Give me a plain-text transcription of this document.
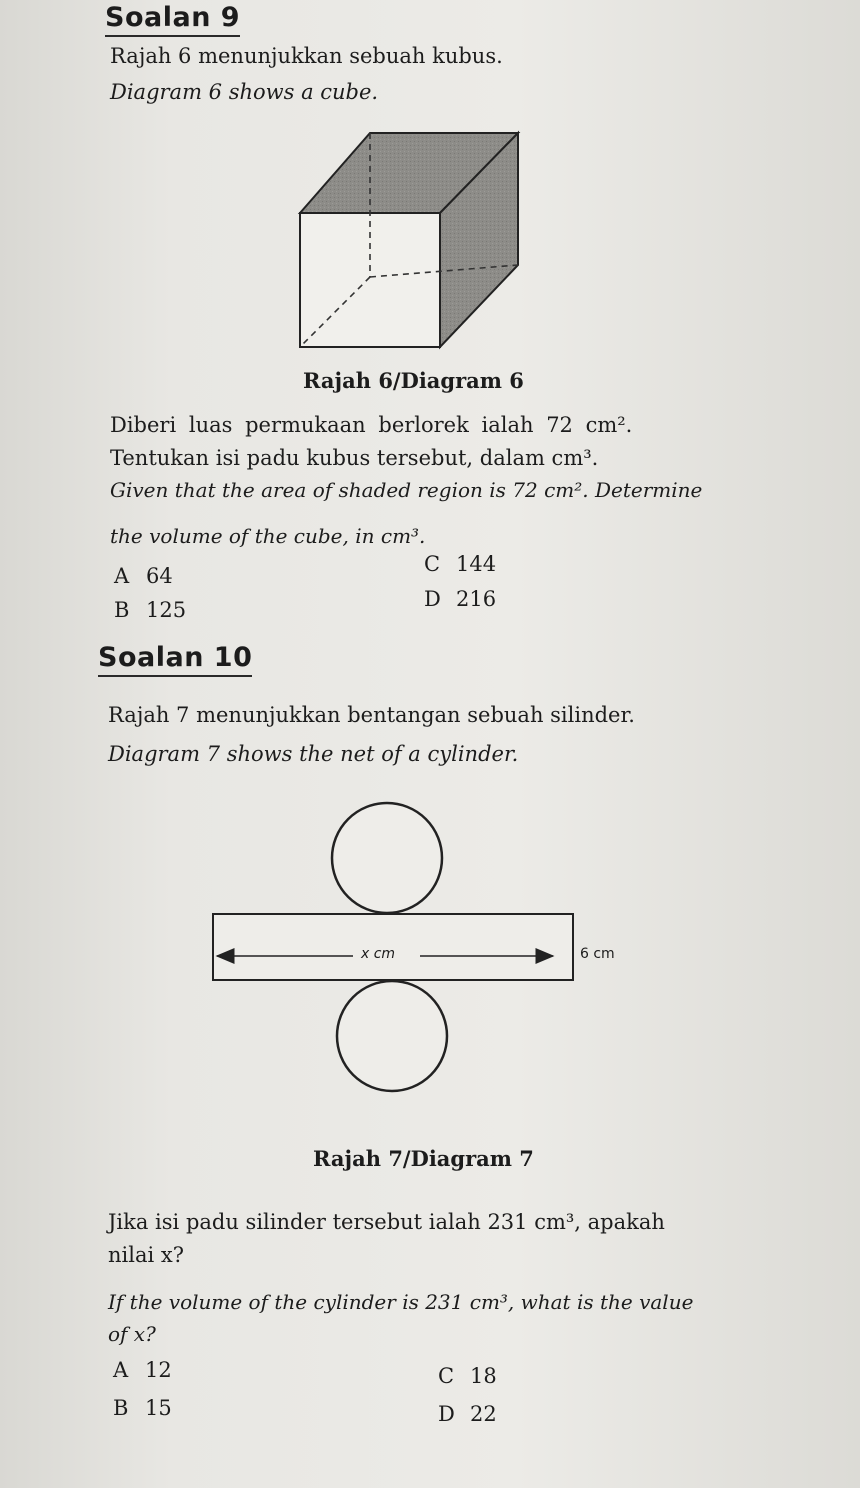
Soalan 9
Rajah 6 menunjukkan sebuah kubus.
Diagram 6 shows a cube.
Rajah 6/Diagram 6
Diberi luas permukaan berlorek ialah 72 cm².
Tentukan isi padu kubus tersebut, dalam cm³.
Given that the area of shaded region is 72 cm². Determine
the volume of the cube, in cm³.
A 64
B 125
C 144
D 216
Soalan 10
Rajah 7 menunjukkan bentangan sebuah silinder.
Diagram 7 shows the net of a cylinder.
x cm	6 cm
Rajah 7/Diagram 7
Jika isi padu silinder tersebut ialah 231 cm³, apakah
nilai x?
If the volume of the cylinder is 231 cm³, what is the value
of x?
A 12
B 15
C 18
D 22
